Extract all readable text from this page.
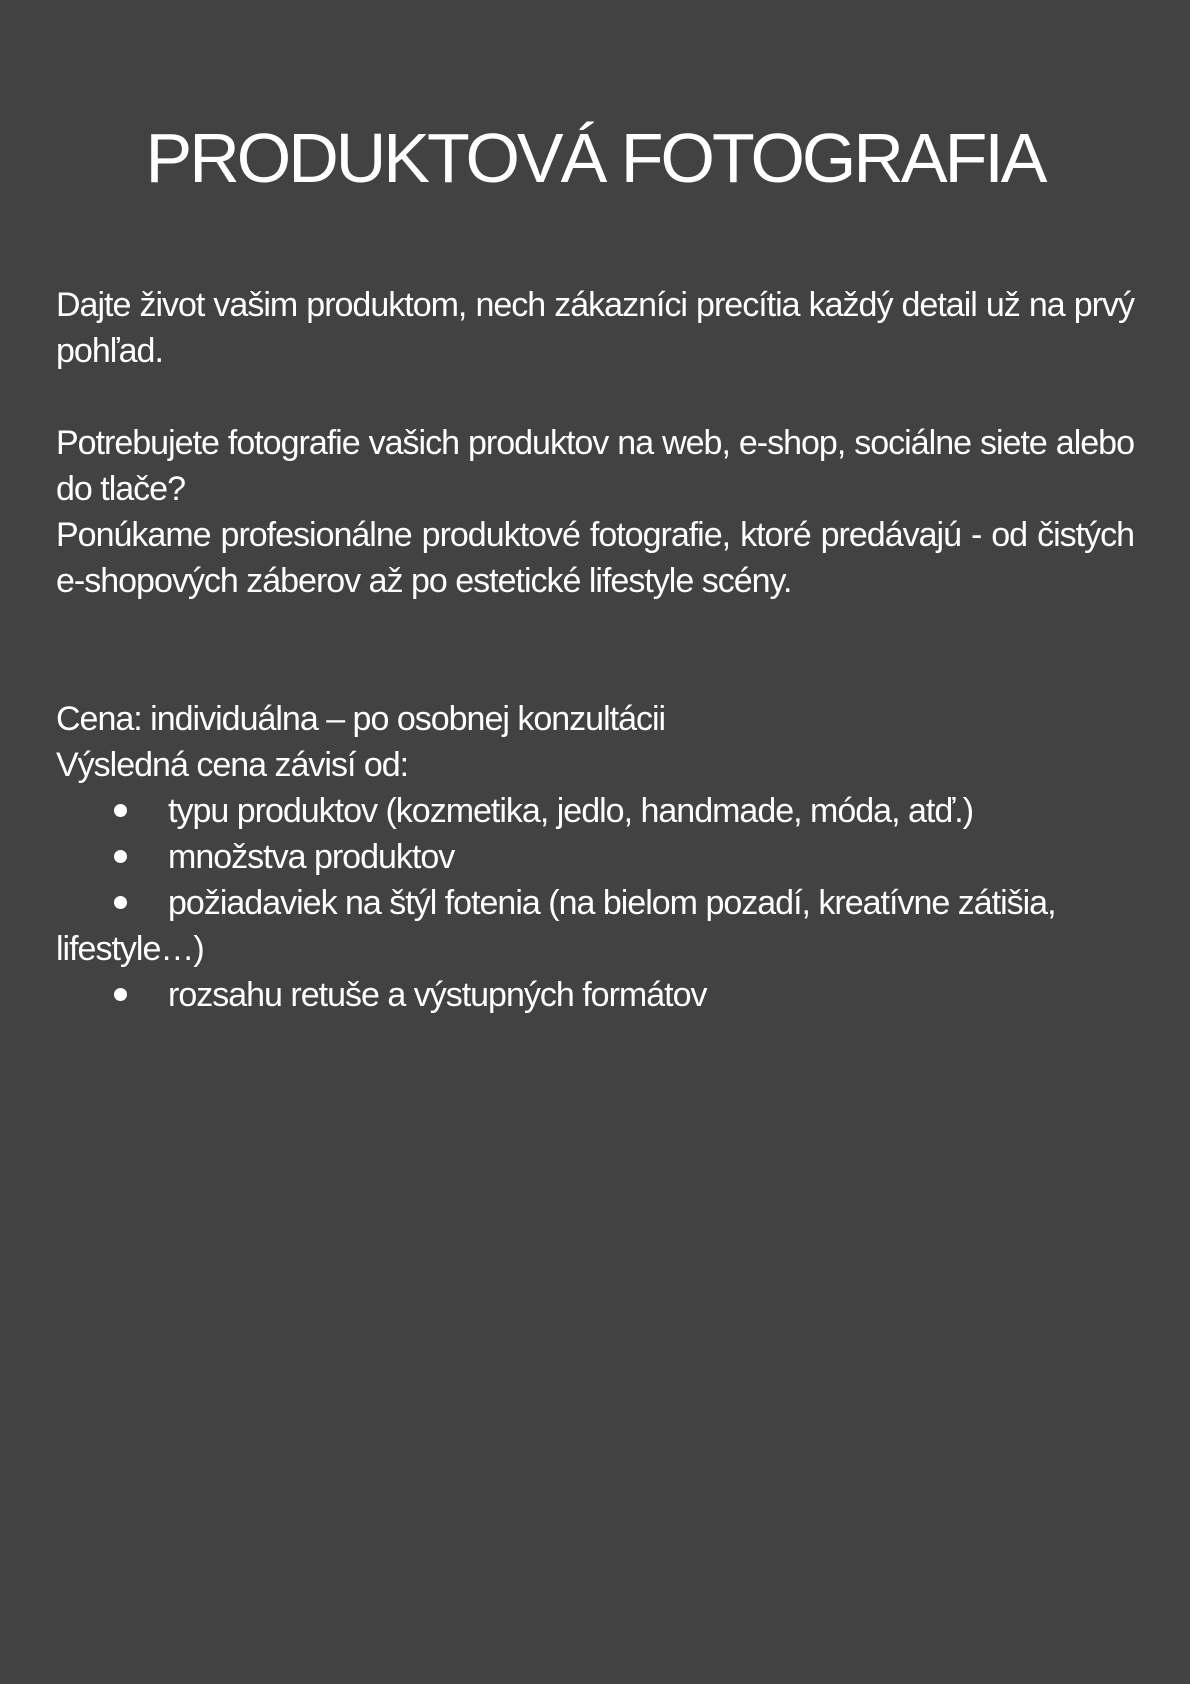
PRODUKTOVÁ FOTOGRAFIA

Dajte život vašim produktom, nech zákazníci precítia každý detail už na prvý pohľad.

Potrebujete fotografie vašich produktov na web, e-shop, sociálne siete alebo do tlače?

Ponúkame profesionálne produktové fotografie, ktoré predávajú - od čistých e-shopových záberov až po estetické lifestyle scény.

Cena: individuálna – po osobnej konzultácii

Výsledná cena závisí od:

typu produktov (kozmetika, jedlo, handmade, móda, atď.)
množstva produktov
požiadaviek na štýl fotenia (na bielom pozadí, kreatívne zátišia, lifestyle…)
rozsahu retuše a výstupných formátov
